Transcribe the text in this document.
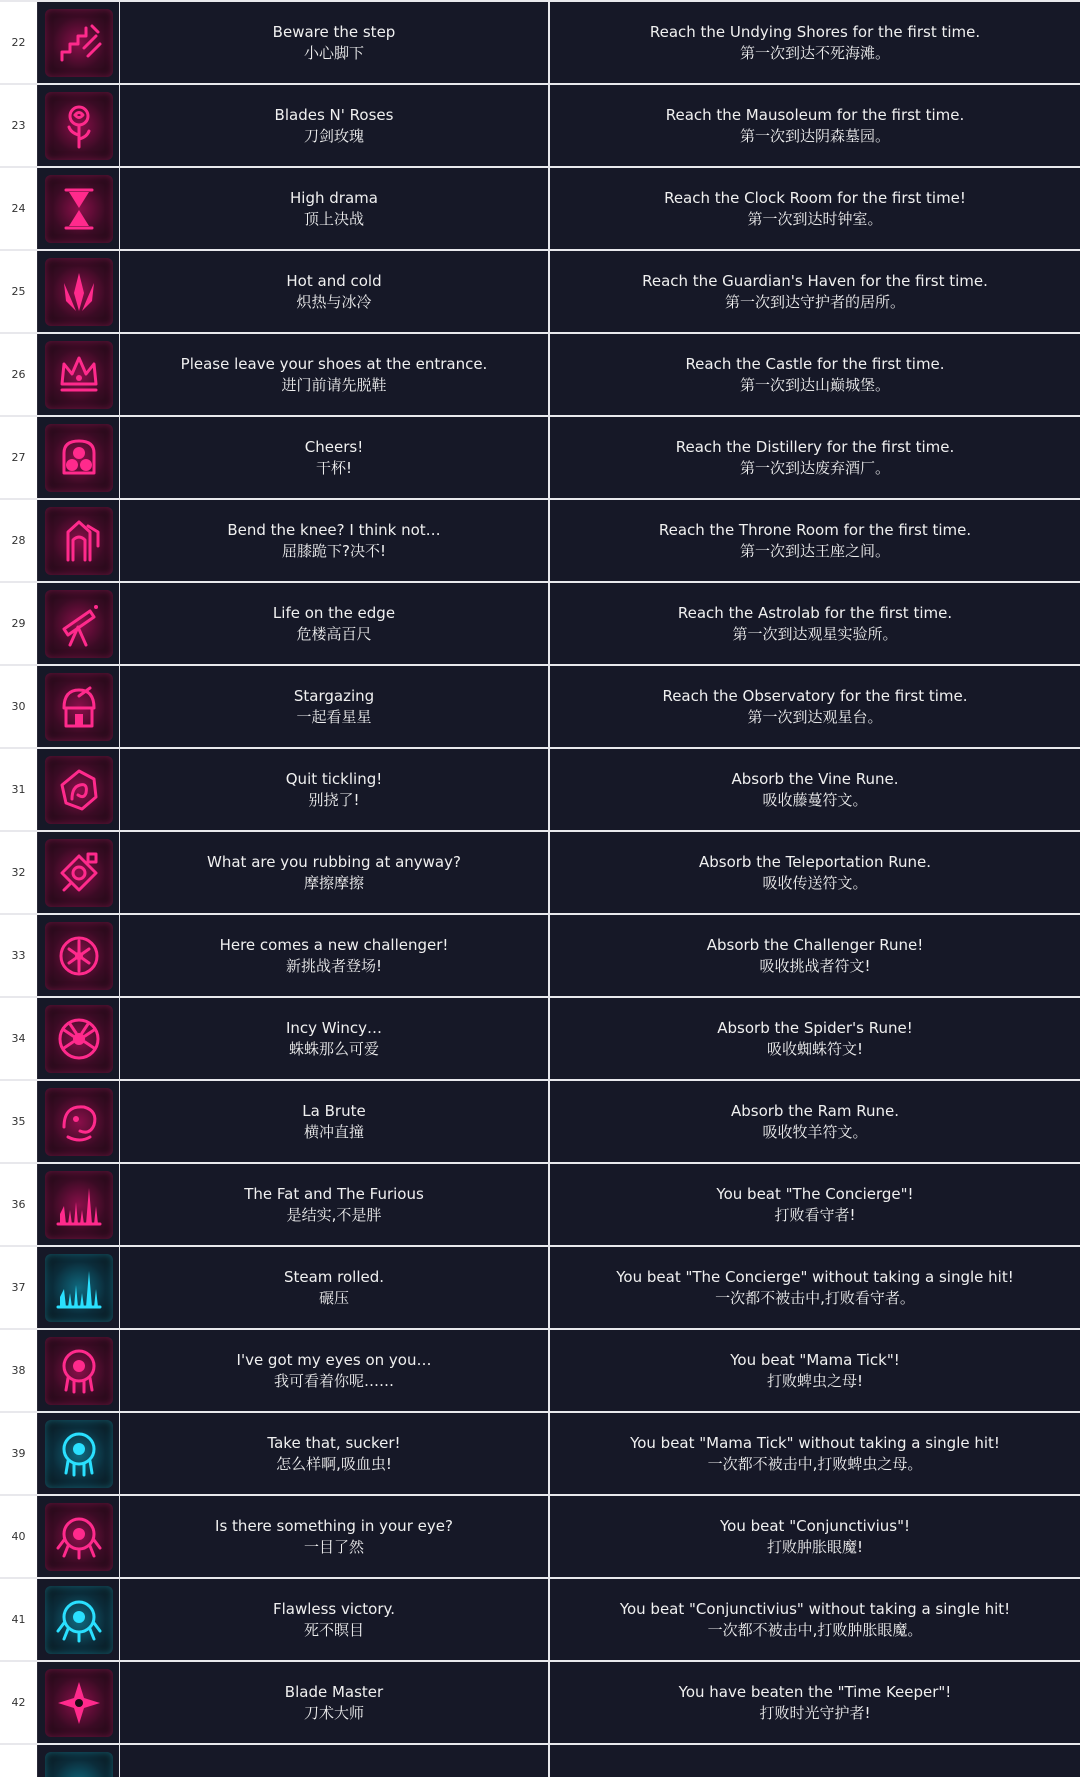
22
Beware the step
小心脚下
Reach the Undying Shores for the first time.
第一次到达不死海滩。
23
Blades N' Roses
刀剑玫瑰
Reach the Mausoleum for the first time.
第一次到达阴森墓园。
24
High drama
顶上决战
Reach the Clock Room for the first time!
第一次到达时钟室。
25
Hot and cold
炽热与冰冷
Reach the Guardian's Haven for the first time.
第一次到达守护者的居所。
26
Please leave your shoes at the entrance.
进门前请先脱鞋
Reach the Castle for the first time.
第一次到达山巅城堡。
27
Cheers!
干杯!
Reach the Distillery for the first time.
第一次到达废弃酒厂。
28
Bend the knee? I think not…
屈膝跪下?决不!
Reach the Throne Room for the first time.
第一次到达王座之间。
29
Life on the edge
危楼高百尺
Reach the Astrolab for the first time.
第一次到达观星实验所。
30
Stargazing
一起看星星
Reach the Observatory for the first time.
第一次到达观星台。
31
Quit tickling!
别挠了!
Absorb the Vine Rune.
吸收藤蔓符文。
32
What are you rubbing at anyway?
摩擦摩擦
Absorb the Teleportation Rune.
吸收传送符文。
33
Here comes a new challenger!
新挑战者登场!
Absorb the Challenger Rune!
吸收挑战者符文!
34
Incy Wincy…
蛛蛛那么可爱
Absorb the Spider's Rune!
吸收蜘蛛符文!
35
La Brute
横冲直撞
Absorb the Ram Rune.
吸收牧羊符文。
36
The Fat and The Furious
是结实,不是胖
You beat "The Concierge"!
打败看守者!
37
Steam rolled.
碾压
You beat "The Concierge" without taking a single hit!
一次都不被击中,打败看守者。
38
I've got my eyes on you…
我可看着你呢……
You beat "Mama Tick"!
打败蜱虫之母!
39
Take that, sucker!
怎么样啊,吸血虫!
You beat "Mama Tick" without taking a single hit!
一次都不被击中,打败蜱虫之母。
40
Is there something in your eye?
一目了然
You beat "Conjunctivius"!
打败肿胀眼魔!
41
Flawless victory.
死不瞑目
You beat "Conjunctivius" without taking a single hit!
一次都不被击中,打败肿胀眼魔。
42
Blade Master
刀术大师
You have beaten the "Time Keeper"!
打败时光守护者!
